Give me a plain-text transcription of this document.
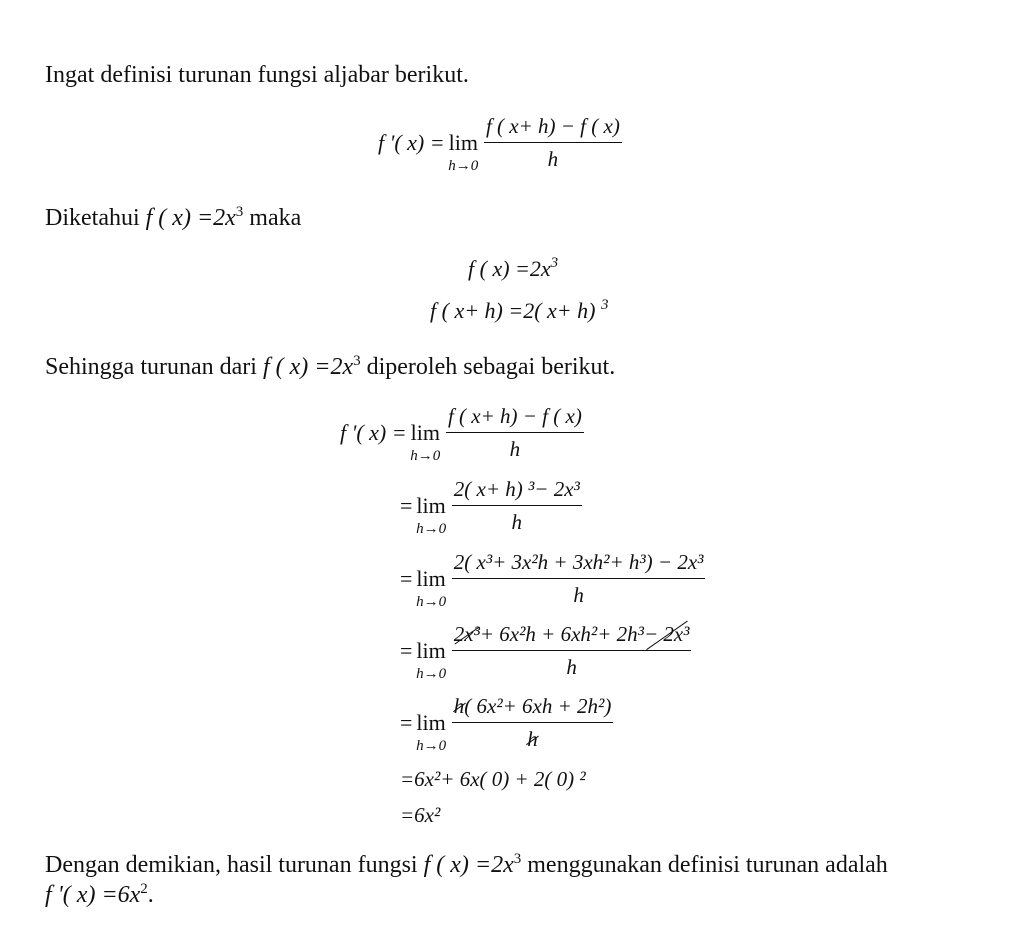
Ingat definisi turunan fungsi aljabar berikut.

f '( x) = lim
$h\to 0 \frac{f ( x+ h) - f ( x)}{h}$

Diketahui f ( $x) =2x^3$ maka

f ( $x) =2x^3$
f ( x+ h) =2( x+ h) $^3$

Sehingga turunan dari f ( $x) =2x^3$ diperoleh sebagai berikut.

f '( x) = lim
$h\to 0 \frac{f ( x+ h) - f ( x)}{h}$
= lim
$h\to 0 \frac{\text{2( x+ h) ³− 2x³}}{h}$
= lim
$h\to 0 \frac{\text{2( x³+ 3x²h + 3xh²+ h³) − 2x³}}{h}$
= lim
$h\to 0 \frac{\text{2x³+ 6x²h + 6xh²+ 2h³− 2x³}}{h}$
= lim
$h\to 0 \frac{\text{h( 6x²+ 6xh + 2h²)}}{h}$
=6x²+ 6x( 0) + 2( 0) ²
=6x²

Dengan demikian, hasil turunan fungsi f ( $x) =2x^3$ menggunakan definisi turunan adalah

f '( $x) =6x^2$.
